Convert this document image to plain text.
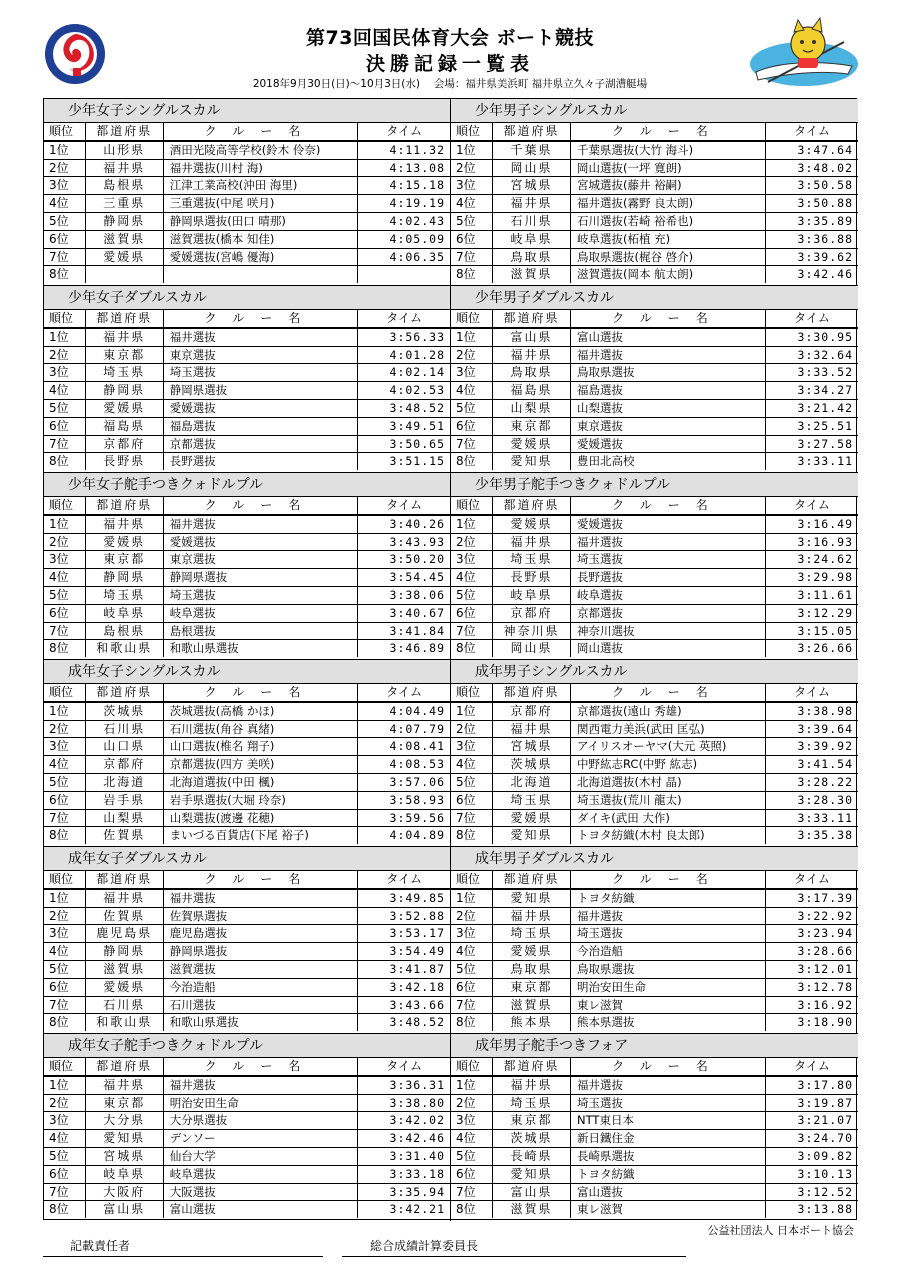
第73回国民体育大会 ボート競技
決勝記録一覧表
2018年9月30日(日)〜10月3日(水)　 会場：福井県美浜町 福井県立久々子湖漕艇場
少年女子シングルスカル
順位	都道府県	クルー名	タイム
1位	山形県	酒田光陵高等学校(鈴木 伶奈)	4:11.32
2位	福井県	福井選抜(川村 海)	4:13.08
3位	島根県	江津工業高校(沖田 海里)	4:15.18
4位	三重県	三重選抜(中尾 咲月)	4:19.19
5位	静岡県	静岡県選抜(田口 晴那)	4:02.43
6位	滋賀県	滋賀選抜(橋本 知佳)	4:05.09
7位	愛媛県	愛媛選抜(宮嶋 優海)	4:06.35
8位
少年男子シングルスカル
順位	都道府県	クルー名	タイム
1位	千葉県	千葉県選抜(大竹 海斗)	3:47.64
2位	岡山県	岡山選抜(一坪 寛朗)	3:48.02
3位	宮城県	宮城選抜(藤井 裕嗣)	3:50.58
4位	福井県	福井選抜(霧野 良太朗)	3:50.88
5位	石川県	石川選抜(若崎 裕希也)	3:35.89
6位	岐阜県	岐阜選抜(柘植 充)	3:36.88
7位	鳥取県	鳥取県選抜(梶谷 啓介)	3:39.62
8位	滋賀県	滋賀選抜(岡本 航太朗)	3:42.46
少年女子ダブルスカル
順位	都道府県	クルー名	タイム
1位	福井県	福井選抜	3:56.33
2位	東京都	東京選抜	4:01.28
3位	埼玉県	埼玉選抜	4:02.14
4位	静岡県	静岡県選抜	4:02.53
5位	愛媛県	愛媛選抜	3:48.52
6位	福島県	福島選抜	3:49.51
7位	京都府	京都選抜	3:50.65
8位	長野県	長野選抜	3:51.15
少年男子ダブルスカル
順位	都道府県	クルー名	タイム
1位	富山県	富山選抜	3:30.95
2位	福井県	福井選抜	3:32.64
3位	鳥取県	鳥取県選抜	3:33.52
4位	福島県	福島選抜	3:34.27
5位	山梨県	山梨選抜	3:21.42
6位	東京都	東京選抜	3:25.51
7位	愛媛県	愛媛選抜	3:27.58
8位	愛知県	豊田北高校	3:33.11
少年女子舵手つきクォドルプル
順位	都道府県	クルー名	タイム
1位	福井県	福井選抜	3:40.26
2位	愛媛県	愛媛選抜	3:43.93
3位	東京都	東京選抜	3:50.20
4位	静岡県	静岡県選抜	3:54.45
5位	埼玉県	埼玉選抜	3:38.06
6位	岐阜県	岐阜選抜	3:40.67
7位	島根県	島根選抜	3:41.84
8位	和歌山県	和歌山県選抜	3:46.89
少年男子舵手つきクォドルプル
順位	都道府県	クルー名	タイム
1位	愛媛県	愛媛選抜	3:16.49
2位	福井県	福井選抜	3:16.93
3位	埼玉県	埼玉選抜	3:24.62
4位	長野県	長野選抜	3:29.98
5位	岐阜県	岐阜選抜	3:11.61
6位	京都府	京都選抜	3:12.29
7位	神奈川県	神奈川選抜	3:15.05
8位	岡山県	岡山選抜	3:26.66
成年女子シングルスカル
順位	都道府県	クルー名	タイム
1位	茨城県	茨城選抜(高橋 かほ)	4:04.49
2位	石川県	石川選抜(角谷 真緒)	4:07.79
3位	山口県	山口選抜(椎名 翔子)	4:08.41
4位	京都府	京都選抜(四方 美咲)	4:08.53
5位	北海道	北海道選抜(中田 楓)	3:57.06
6位	岩手県	岩手県選抜(大堀 玲奈)	3:58.93
7位	山梨県	山梨選抜(渡邊 花穂)	3:59.56
8位	佐賀県	まいづる百貨店(下尾 裕子)	4:04.89
成年男子シングルスカル
順位	都道府県	クルー名	タイム
1位	京都府	京都選抜(遠山 秀雄)	3:38.98
2位	福井県	関西電力美浜(武田 匡弘)	3:39.64
3位	宮城県	アイリスオーヤマ(大元 英照)	3:39.92
4位	茨城県	中野紘志RC(中野 紘志)	3:41.54
5位	北海道	北海道選抜(木村 晶)	3:28.22
6位	埼玉県	埼玉選抜(荒川 龍太)	3:28.30
7位	愛媛県	ダイキ(武田 大作)	3:33.11
8位	愛知県	トヨタ紡織(木村 良太郎)	3:35.38
成年女子ダブルスカル
順位	都道府県	クルー名	タイム
1位	福井県	福井選抜	3:49.85
2位	佐賀県	佐賀県選抜	3:52.88
3位	鹿児島県	鹿児島選抜	3:53.17
4位	静岡県	静岡県選抜	3:54.49
5位	滋賀県	滋賀選抜	3:41.87
6位	愛媛県	今治造船	3:42.18
7位	石川県	石川選抜	3:43.66
8位	和歌山県	和歌山県選抜	3:48.52
成年男子ダブルスカル
順位	都道府県	クルー名	タイム
1位	愛知県	トヨタ紡織	3:17.39
2位	福井県	福井選抜	3:22.92
3位	埼玉県	埼玉選抜	3:23.94
4位	愛媛県	今治造船	3:28.66
5位	鳥取県	鳥取県選抜	3:12.01
6位	東京都	明治安田生命	3:12.78
7位	滋賀県	東レ滋賀	3:16.92
8位	熊本県	熊本県選抜	3:18.90
成年女子舵手つきクォドルプル
順位	都道府県	クルー名	タイム
1位	福井県	福井選抜	3:36.31
2位	東京都	明治安田生命	3:38.80
3位	大分県	大分県選抜	3:42.02
4位	愛知県	デンソー	3:42.46
5位	宮城県	仙台大学	3:31.40
6位	岐阜県	岐阜選抜	3:33.18
7位	大阪府	大阪選抜	3:35.94
8位	富山県	富山選抜	3:42.21
成年男子舵手つきフォア
順位	都道府県	クルー名	タイム
1位	福井県	福井選抜	3:17.80
2位	埼玉県	埼玉選抜	3:19.87
3位	東京都	NTT東日本	3:21.07
4位	茨城県	新日鐵住金	3:24.70
5位	長崎県	長崎県選抜	3:09.82
6位	愛知県	トヨタ紡織	3:10.13
7位	富山県	富山選抜	3:12.52
8位	滋賀県	東レ滋賀	3:13.88
公益社団法人 日本ボート協会
記載責任者	総合成績計算委員長
